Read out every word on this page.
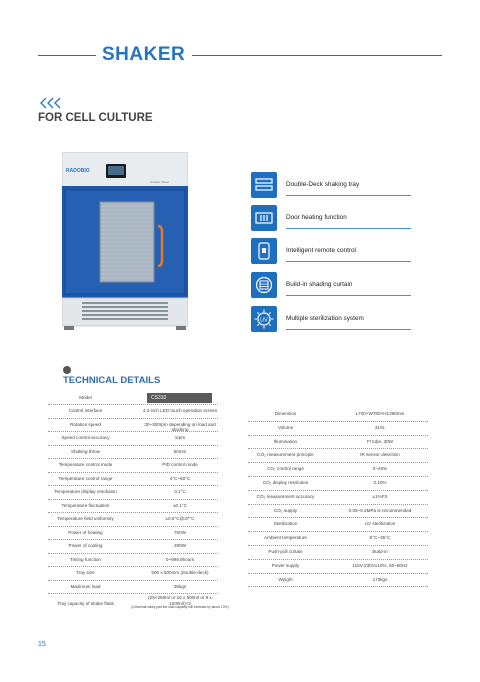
SHAKER
FOR CELL CULTURE
RADOBIO
Incubator Shaker	Double-Deck shaking tray
Door heating function
Intelligent remote control
Build-in shading curtain
UV	Multiple sterilization system
TECHNICAL DETAILS
Model	CS310
Control interface	4.3 inch LED touch operation screen
Rotation speed	30~300rpm depending on load and stacking
Speed control accuracy	1rpm
Shaking throw	50mm
Temperature control mode	PID control mode
Temperature control range	4°C~60°C
Temperature display resolution	0.1°C
Temperature fluctuation	±0.1°C
Temperature field uniformity	±0.5°C@37°C
Power of heating	750W
Power of cooling	280W
Timing function	0~999.9hours
Tray size	500 x 500mm (double-deck)
Maximum load	35kgs
Tray capacity of shake flask
(25×250ml or 16 x 500ml or 9 x 1000ml)×2
(Universal sticky pad,the load capacity will increase by about 10%)
Dimension	L700×W780×H1290mm
Volume	310L
Illumination	Fl tube, 30W
CO₂ measurement principle	IR sensor detection
CO₂ control range	0~20%
CO₂ display resolution	0.10%
CO₂ measurement accuracy	±1%FS
CO₂ supply	0.05~0.1MPa is recommended
Sterilization	UV sterilization
Ambient temperature	5°C~35°C
Push-pull curtain	Build-in
Power supply	115V-230V±10%, 50~60Hz
Weight	170kgs
15
